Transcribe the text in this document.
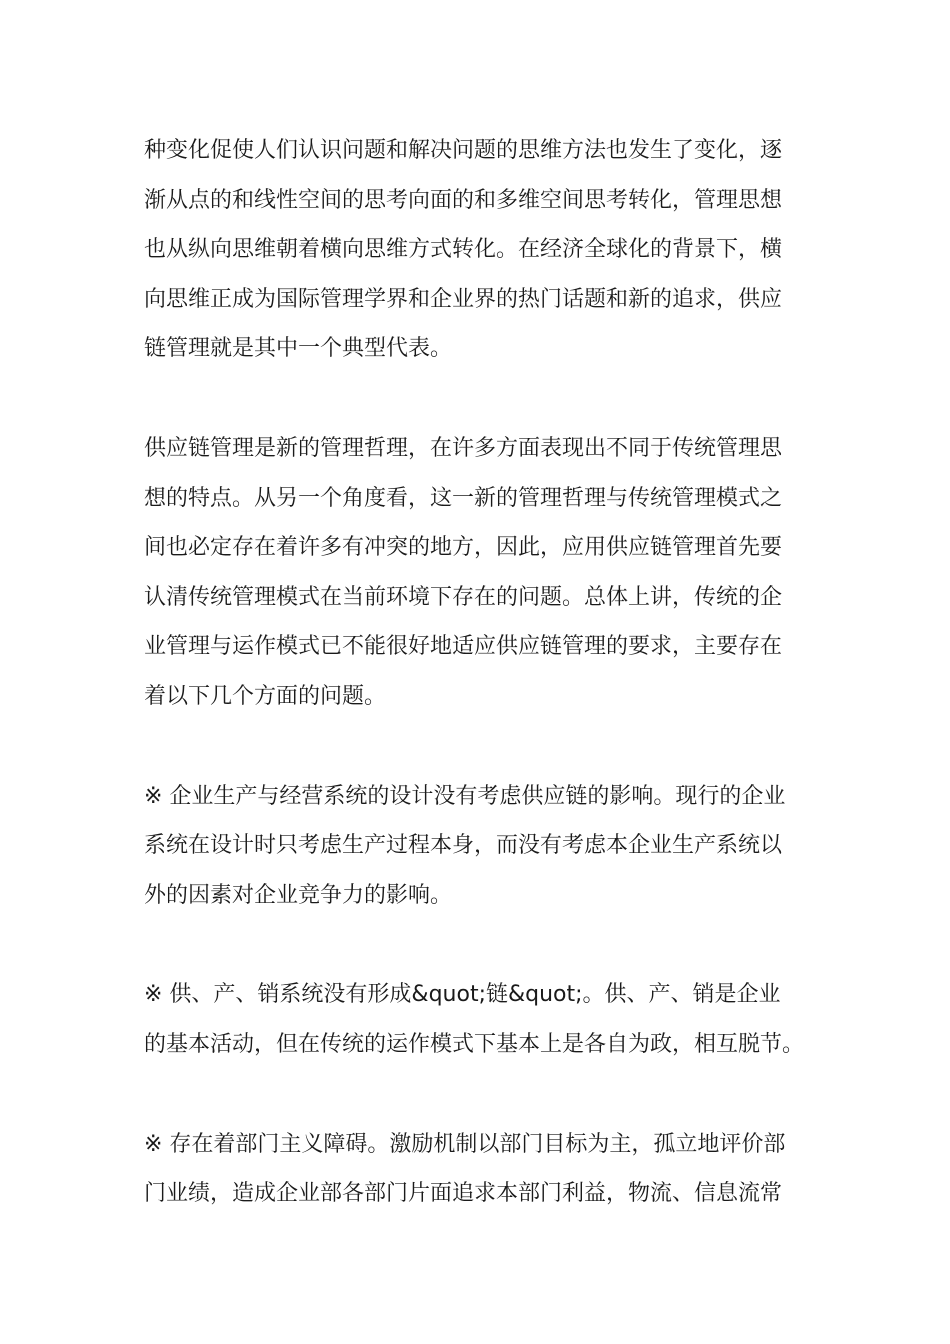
种变化促使人们认识问题和解决问题的思维方法也发生了变化，逐
渐从点的和线性空间的思考向面的和多维空间思考转化，管理思想
也从纵向思维朝着横向思维方式转化。在经济全球化的背景下，横
向思维正成为国际管理学界和企业界的热门话题和新的追求，供应
链管理就是其中一个典型代表。

供应链管理是新的管理哲理，在许多方面表现出不同于传统管理思
想的特点。从另一个角度看，这一新的管理哲理与传统管理模式之
间也必定存在着许多有冲突的地方，因此，应用供应链管理首先要
认清传统管理模式在当前环境下存在的问题。总体上讲，传统的企
业管理与运作模式已不能很好地适应供应链管理的要求，主要存在
着以下几个方面的问题。

※ 企业生产与经营系统的设计没有考虑供应链的影响。现行的企业
系统在设计时只考虑生产过程本身，而没有考虑本企业生产系统以
外的因素对企业竞争力的影响。

※ 供、产、销系统没有形成&quot;链&quot;。供、产、销是企业
的基本活动，但在传统的运作模式下基本上是各自为政，相互脱节。

※ 存在着部门主义障碍。激励机制以部门目标为主，孤立地评价部
门业绩，造成企业部各部门片面追求本部门利益，物流、信息流常
